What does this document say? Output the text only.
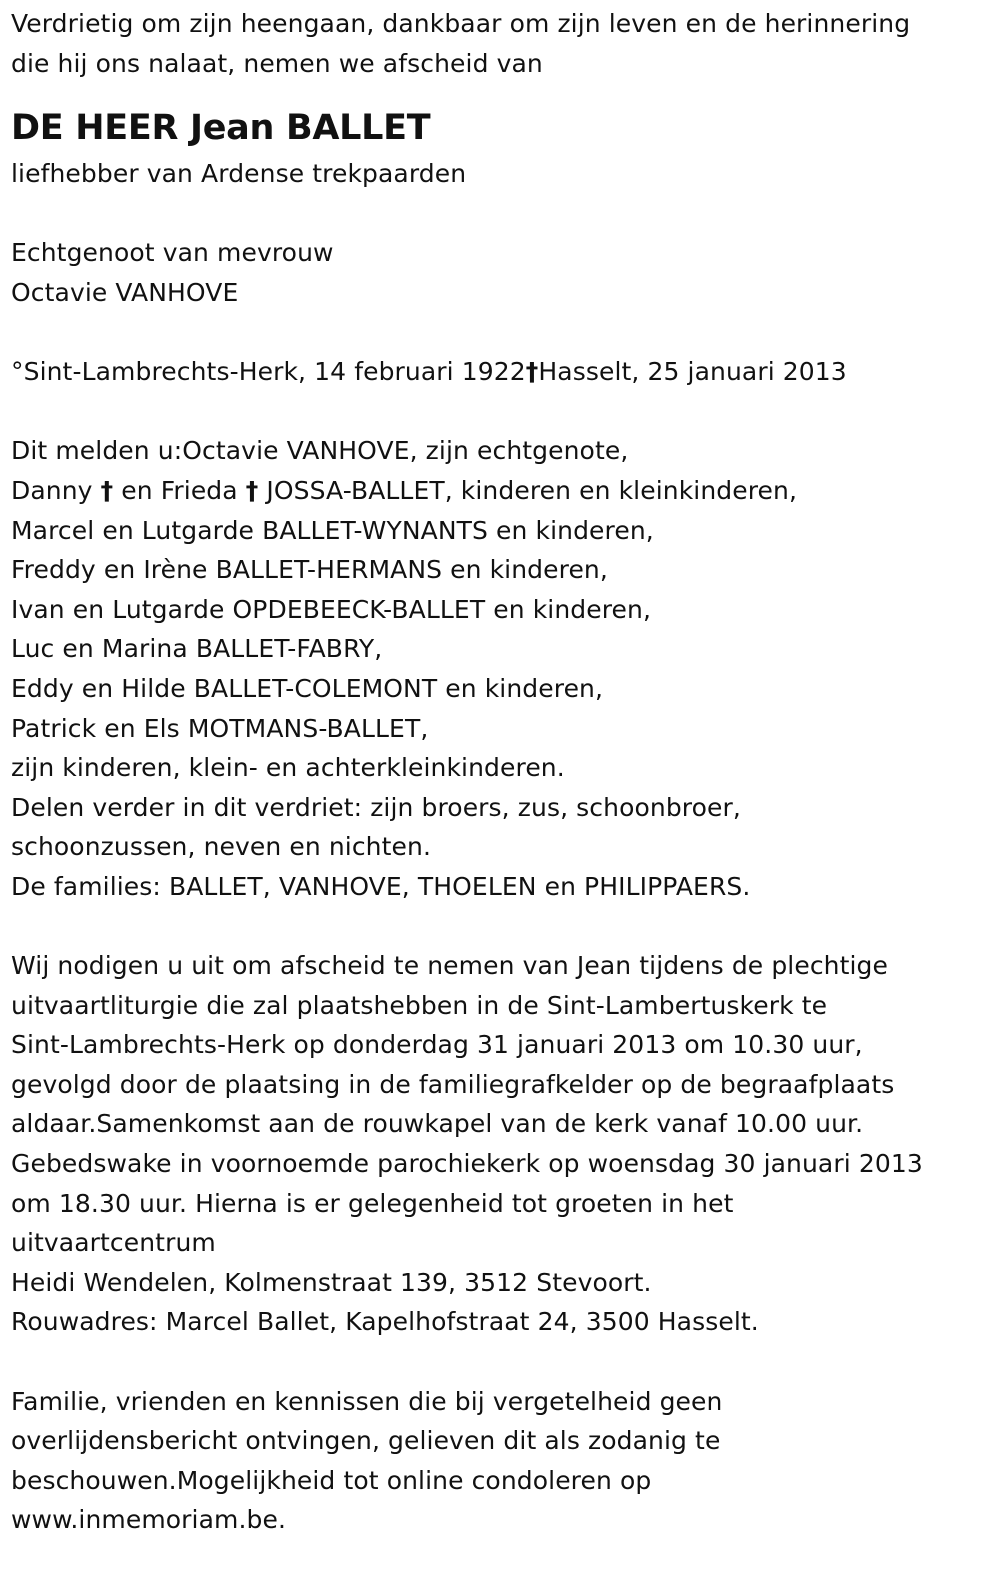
Verdrietig om zijn heengaan, dankbaar om zijn leven en de herinnering
die hij ons nalaat, nemen we afscheid van
DE HEER Jean BALLET
liefhebber van Ardense trekpaarden
Echtgenoot van mevrouw
Octavie VANHOVE
°Sint-Lambrechts-Herk, 14 februari 1922†Hasselt, 25 januari 2013
Dit melden u:Octavie VANHOVE, zijn echtgenote,
Danny † en Frieda † JOSSA-BALLET, kinderen en kleinkinderen,
Marcel en Lutgarde BALLET-WYNANTS en kinderen,
Freddy en Irène BALLET-HERMANS en kinderen,
Ivan en Lutgarde OPDEBEECK-BALLET en kinderen,
Luc en Marina BALLET-FABRY,
Eddy en Hilde BALLET-COLEMONT en kinderen,
Patrick en Els MOTMANS-BALLET,
zijn kinderen, klein- en achterkleinkinderen.
Delen verder in dit verdriet: zijn broers, zus, schoonbroer,
schoonzussen, neven en nichten.
De families: BALLET, VANHOVE, THOELEN en PHILIPPAERS.
Wij nodigen u uit om afscheid te nemen van Jean tijdens de plechtige
uitvaartliturgie die zal plaatshebben in de Sint-Lambertuskerk te
Sint-Lambrechts-Herk op donderdag 31 januari 2013 om 10.30 uur,
gevolgd door de plaatsing in de familiegrafkelder op de begraafplaats
aldaar.Samenkomst aan de rouwkapel van de kerk vanaf 10.00 uur.
Gebedswake in voornoemde parochiekerk op woensdag 30 januari 2013
om 18.30 uur. Hierna is er gelegenheid tot groeten in het
uitvaartcentrum
Heidi Wendelen, Kolmenstraat 139, 3512 Stevoort.
Rouwadres: Marcel Ballet, Kapelhofstraat 24, 3500 Hasselt.
Familie, vrienden en kennissen die bij vergetelheid geen
overlijdensbericht ontvingen, gelieven dit als zodanig te
beschouwen.Mogelijkheid tot online condoleren op
www.inmemoriam.be.
